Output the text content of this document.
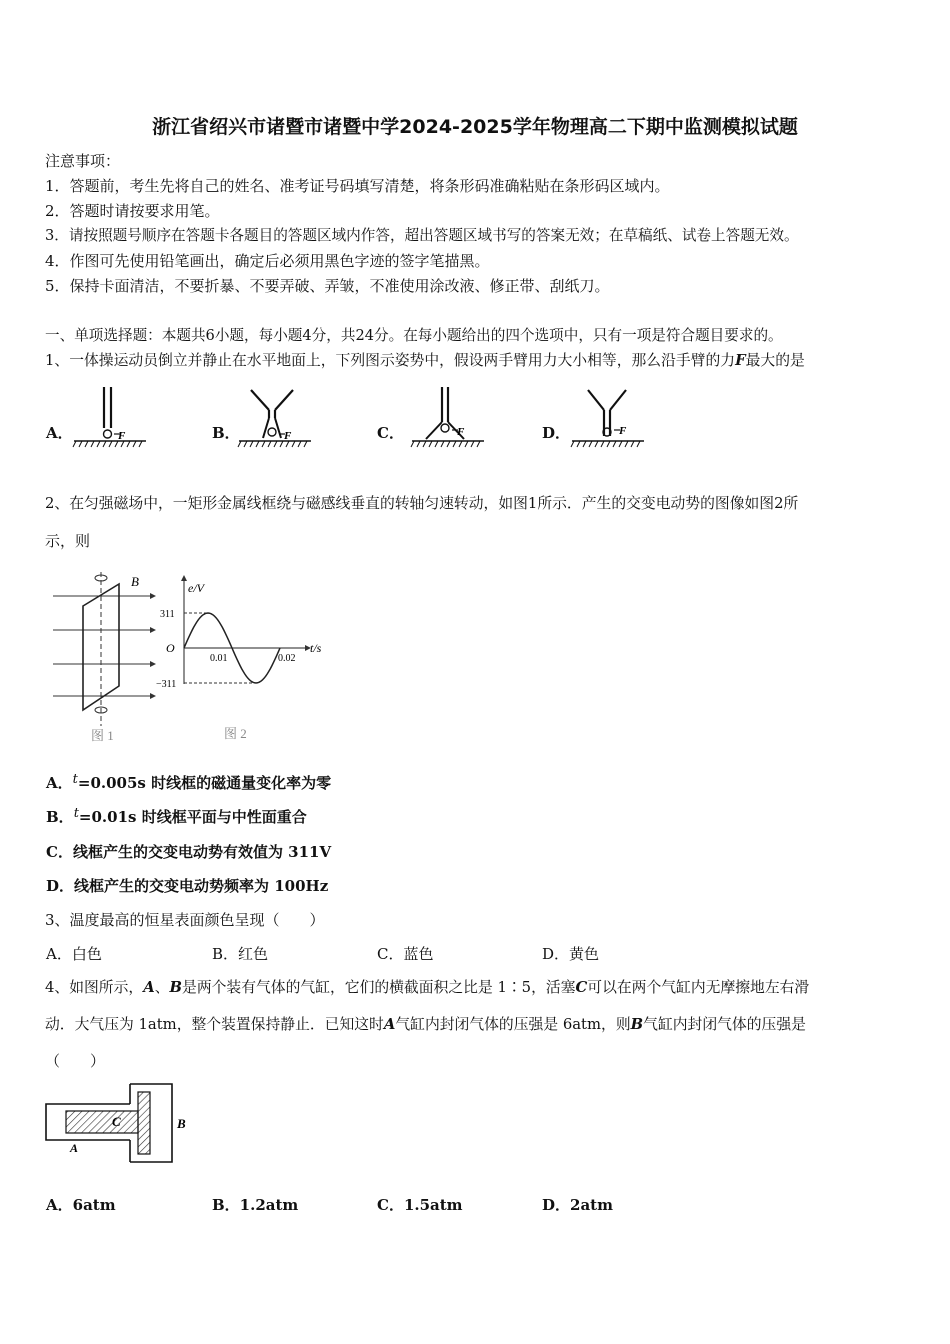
浙江省绍兴市诸暨市诸暨中学2024-2025学年物理高二下期中监测模拟试题
注意事项：
1．答题前，考生先将自己的姓名、准考证号码填写清楚，将条形码准确粘贴在条形码区域内。
2．答题时请按要求用笔。
3．请按照题号顺序在答题卡各题目的答题区域内作答，超出答题区域书写的答案无效；在草稿纸、试卷上答题无效。
4．作图可先使用铅笔画出，确定后必须用黑色字迹的签字笔描黑。
5．保持卡面清洁，不要折暴、不要弄破、弄皱，不准使用涂改液、修正带、刮纸刀。
一、单项选择题：本题共6小题，每小题4分，共24分。在每小题给出的四个选项中，只有一项是符合题目要求的。
1、一体操运动员倒立并静止在水平地面上，下列图示姿势中，假设两手臂用力大小相等，那么沿手臂的力F最大的是
A．	B．	C．	D．
F	F	F	F
2、在匀强磁场中，一矩形金属线框绕与磁感线垂直的转轴匀速转动，如图1所示．产生的交变电动势的图像如图2所
示，则
B
图 1
e/V
t/s
O
311
−311
0.01	0.02
图 2
A．t=0.005s 时线框的磁通量变化率为零
B．t=0.01s 时线框平面与中性面重合
C．线框产生的交变电动势有效值为 311V
D．线框产生的交变电动势频率为 100Hz
3、温度最高的恒星表面颜色呈现（　　）
A．白色	B．红色	C．蓝色	D．黄色
4、如图所示，A、B是两个装有气体的气缸，它们的横截面积之比是 1∶5，活塞C可以在两个气缸内无摩擦地左右滑
动．大气压为 1atm，整个装置保持静止．已知这时A气缸内封闭气体的压强是 6atm，则B气缸内封闭气体的压强是
（　　）
C
A
B
A．6atm	B．1.2atm	C．1.5atm	D．2atm
